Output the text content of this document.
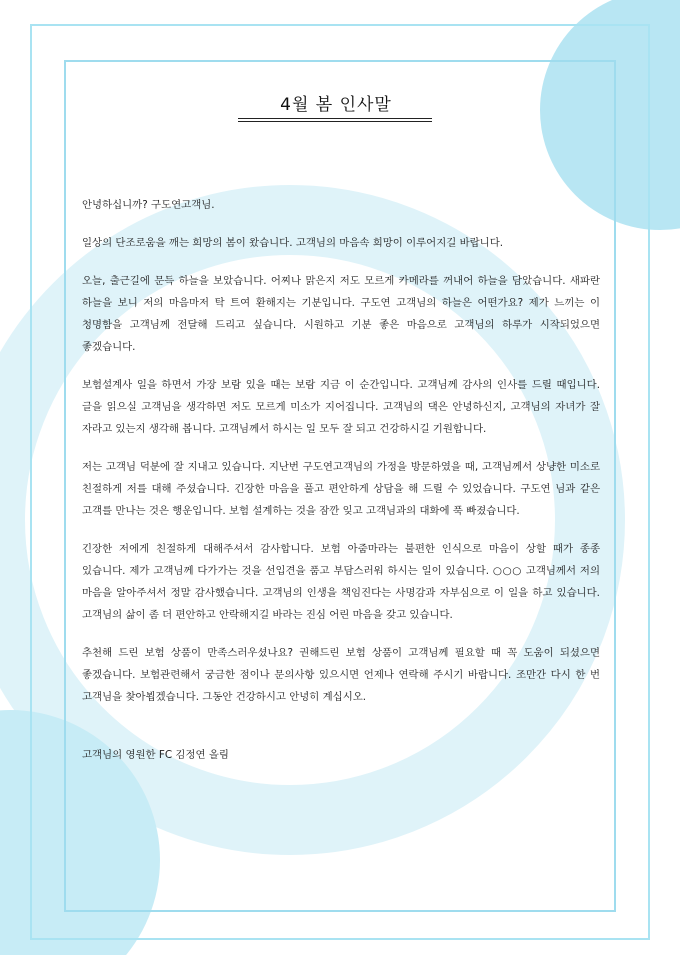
4월 봄 인사말

안녕하십니까? 구도연고객님.

일상의 단조로움을 깨는 희망의 봄이 왔습니다. 고객님의 마음속 희망이 이루어지길 바랍니다.

오늘, 출근길에 문득 하늘을 보았습니다. 어찌나 맑은지 저도 모르게 카메라를 꺼내어 하늘을 담았습니다. 새파란 하늘을 보니 저의 마음마저 탁 트여 환해지는 기분입니다. 구도연 고객님의 하늘은 어떤가요? 제가 느끼는 이 청명함을 고객님께 전달해 드리고 싶습니다. 시원하고 기분 좋은 마음으로 고객님의 하루가 시작되었으면 좋겠습니다.

보험설계사 일을 하면서 가장 보람 있을 때는 보람 지금 이 순간입니다. 고객님께 감사의 인사를 드릴 때입니다. 글을 읽으실 고객님을 생각하면 저도 모르게 미소가 지어집니다. 고객님의 댁은 안녕하신지, 고객님의 자녀가 잘 자라고 있는지 생각해 봅니다. 고객님께서 하시는 일 모두 잘 되고 건강하시길 기원합니다.

저는 고객님 덕분에 잘 지내고 있습니다. 지난번 구도연고객님의 가정을 방문하였을 때, 고객님께서 상냥한 미소로 친절하게 저를 대해 주셨습니다. 긴장한 마음을 풀고 편안하게 상담을 해 드릴 수 있었습니다. 구도연 님과 같은 고객를 만나는 것은 행운입니다. 보험 설계하는 것을 잠깐 잊고 고객님과의 대화에 푹 빠졌습니다.

긴장한 저에게 친절하게 대해주셔서 감사합니다. 보험 아줌마라는 불편한 인식으로 마음이 상할 때가 종종 있습니다. 제가 고객님께 다가가는 것을 선입견을 품고 부담스러워 하시는 일이 있습니다. ○○○ 고객님께서 저의 마음을 알아주셔서 정말 감사했습니다. 고객님의 인생을 책임진다는 사명감과 자부심으로 이 일을 하고 있습니다. 고객님의 삶이 좀 더 편안하고 안락해지길 바라는 진심 어린 마음을 갖고 있습니다.

추천해 드린 보험 상품이 만족스러우셨나요? 권해드린 보험 상품이 고객님께 필요할 때 꼭 도움이 되셨으면 좋겠습니다. 보험관련해서 궁금한 점이나 문의사항 있으시면 언제나 연락해 주시기 바랍니다. 조만간 다시 한 번 고객님을 찾아뵙겠습니다. 그동안 건강하시고 안녕히 계십시오.

고객님의 영원한 FC 김정연 올림
